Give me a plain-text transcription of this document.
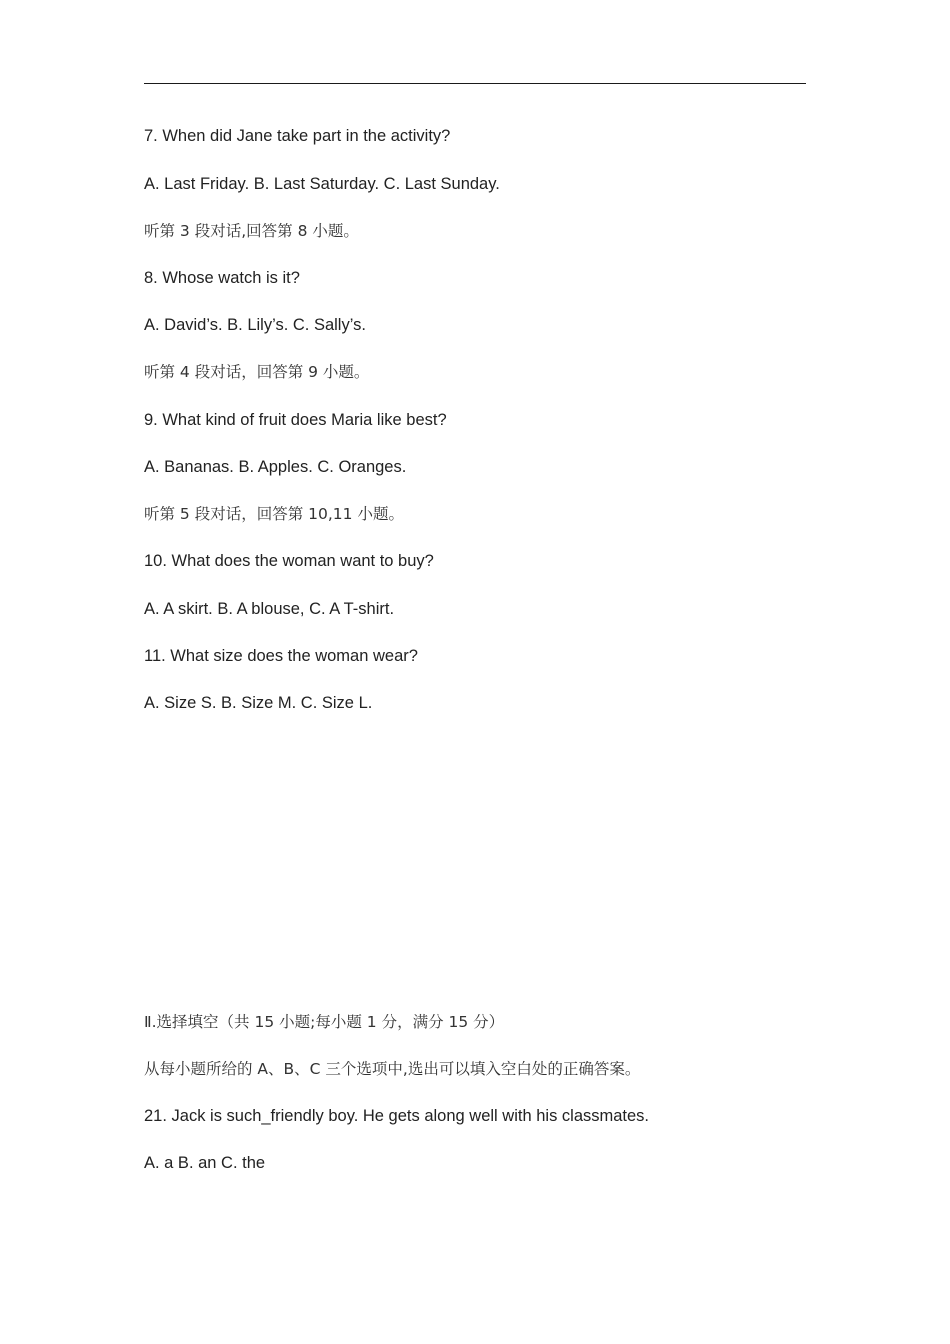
7. When did Jane take part in the activity?
A. Last Friday. B. Last Saturday. C. Last Sunday.
听第 3 段对话,回答第 8 小题。
8. Whose watch is it?
A. David’s. B. Lily’s. C. Sally’s.
听第 4 段对话，回答第 9 小题。
9. What kind of fruit does Maria like best?
A. Bananas. B. Apples. C. Oranges.
听第 5 段对话，回答第 10,11 小题。
10. What does the woman want to buy?
A. A skirt. B. A blouse, C. A T-shirt.
11. What size does the woman wear?
A. Size S. B. Size M. C. Size L.
Ⅱ.选择填空（共 15 小题;每小题 1 分，满分 15 分）
从每小题所给的 A、B、C 三个选项中,选出可以填入空白处的正确答案。
21. Jack is such_friendly boy. He gets along well with his classmates.
A. a B. an C. the
